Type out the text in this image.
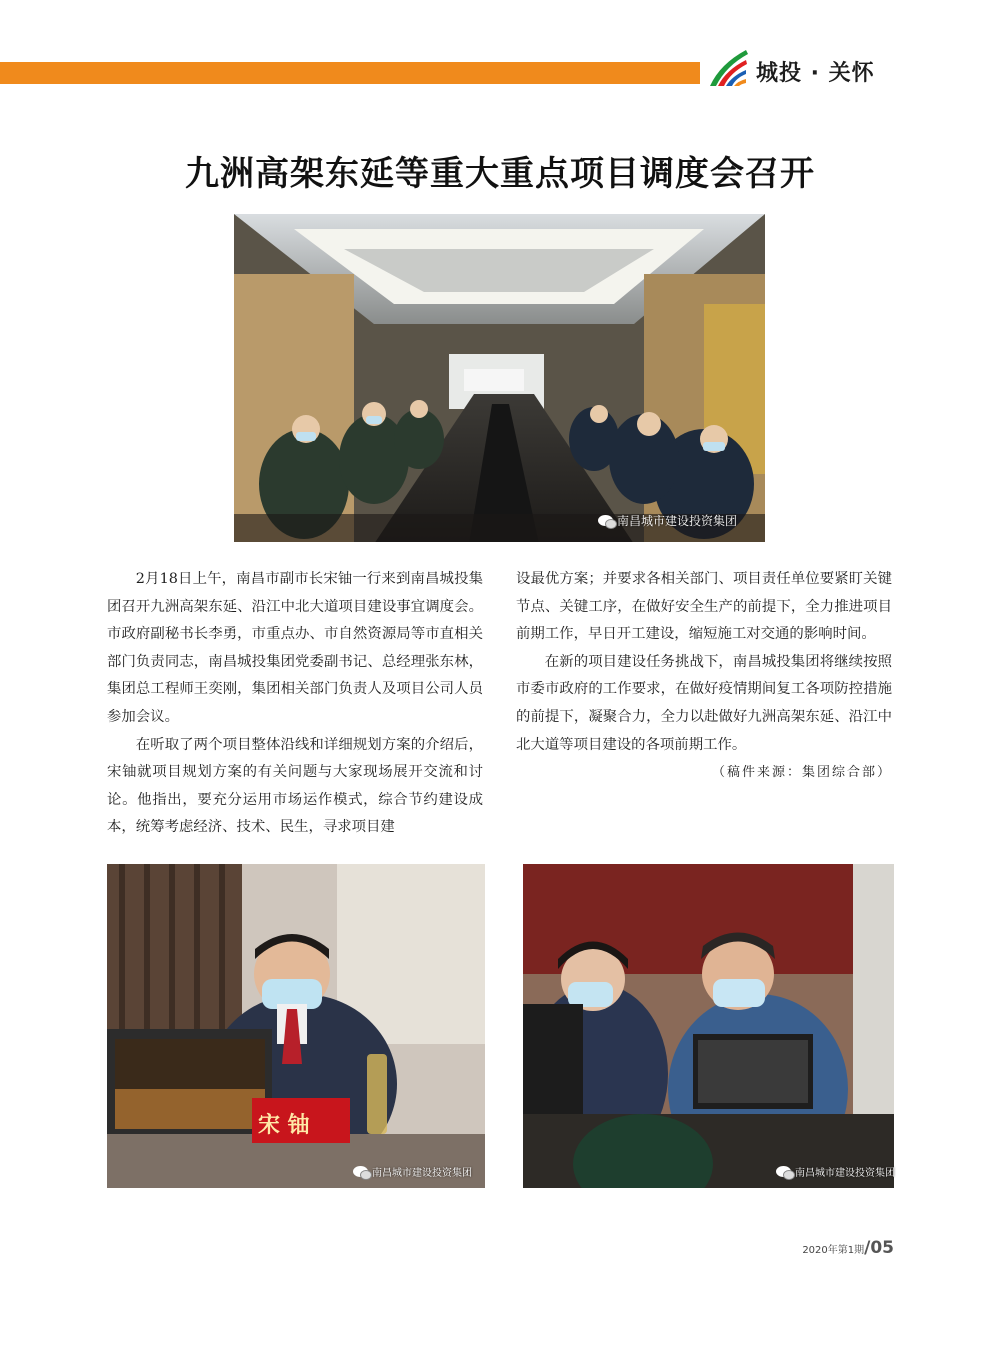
城投 · 关怀
九洲高架东延等重大重点项目调度会召开
南昌城市建设投资集团

2月18日上午，南昌市副市长宋铀一行来到南昌城投集团召开九洲高架东延、沿江中北大道项目建设事宜调度会。市政府副秘书长李勇，市重点办、市自然资源局等市直相关部门负责同志，南昌城投集团党委副书记、总经理张东林，集团总工程师王奕刚，集团相关部门负责人及项目公司人员参加会议。

在听取了两个项目整体沿线和详细规划方案的介绍后，宋铀就项目规划方案的有关问题与大家现场展开交流和讨论。他指出，要充分运用市场运作模式，综合节约建设成本，统筹考虑经济、技术、民生，寻求项目建

设最优方案；并要求各相关部门、项目责任单位要紧盯关键节点、关键工序，在做好安全生产的前提下，全力推进项目前期工作，早日开工建设，缩短施工对交通的影响时间。

在新的项目建设任务挑战下，南昌城投集团将继续按照市委市政府的工作要求，在做好疫情期间复工各项防控措施的前提下，凝聚合力，全力以赴做好九洲高架东延、沿江中北大道等项目建设的各项前期工作。

（稿件来源：集团综合部）
宋 铀
南昌城市建设投资集团	南昌城市建设投资集团
2020年第1期/05
